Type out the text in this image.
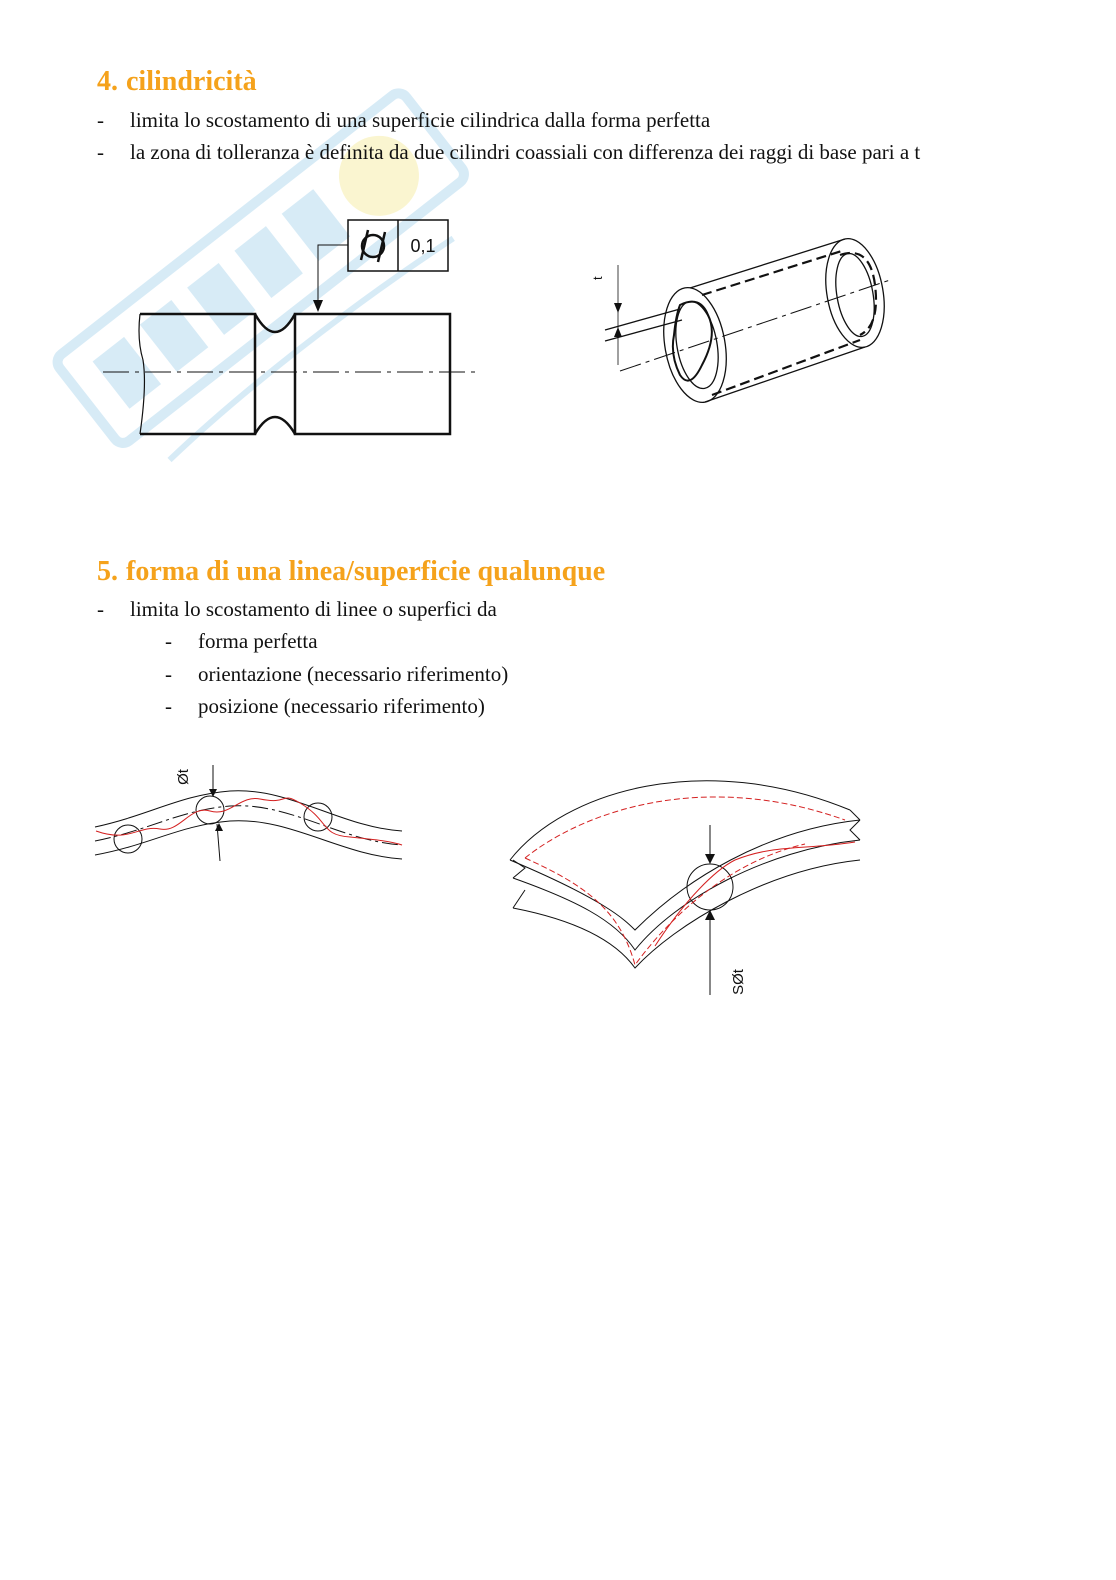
4. cilindricità
- limita lo scostamento di una superficie cilindrica dalla forma perfetta
- la zona di tolleranza è definita da due cilindri coassiali con differenza dei raggi di base pari a t
0,1
t
5. forma di una linea/superficie qualunque
- limita lo scostamento di linee o superfici da
- forma perfetta
- orientazione (necessario riferimento)
- posizione (necessario riferimento)
Øt
SØt
